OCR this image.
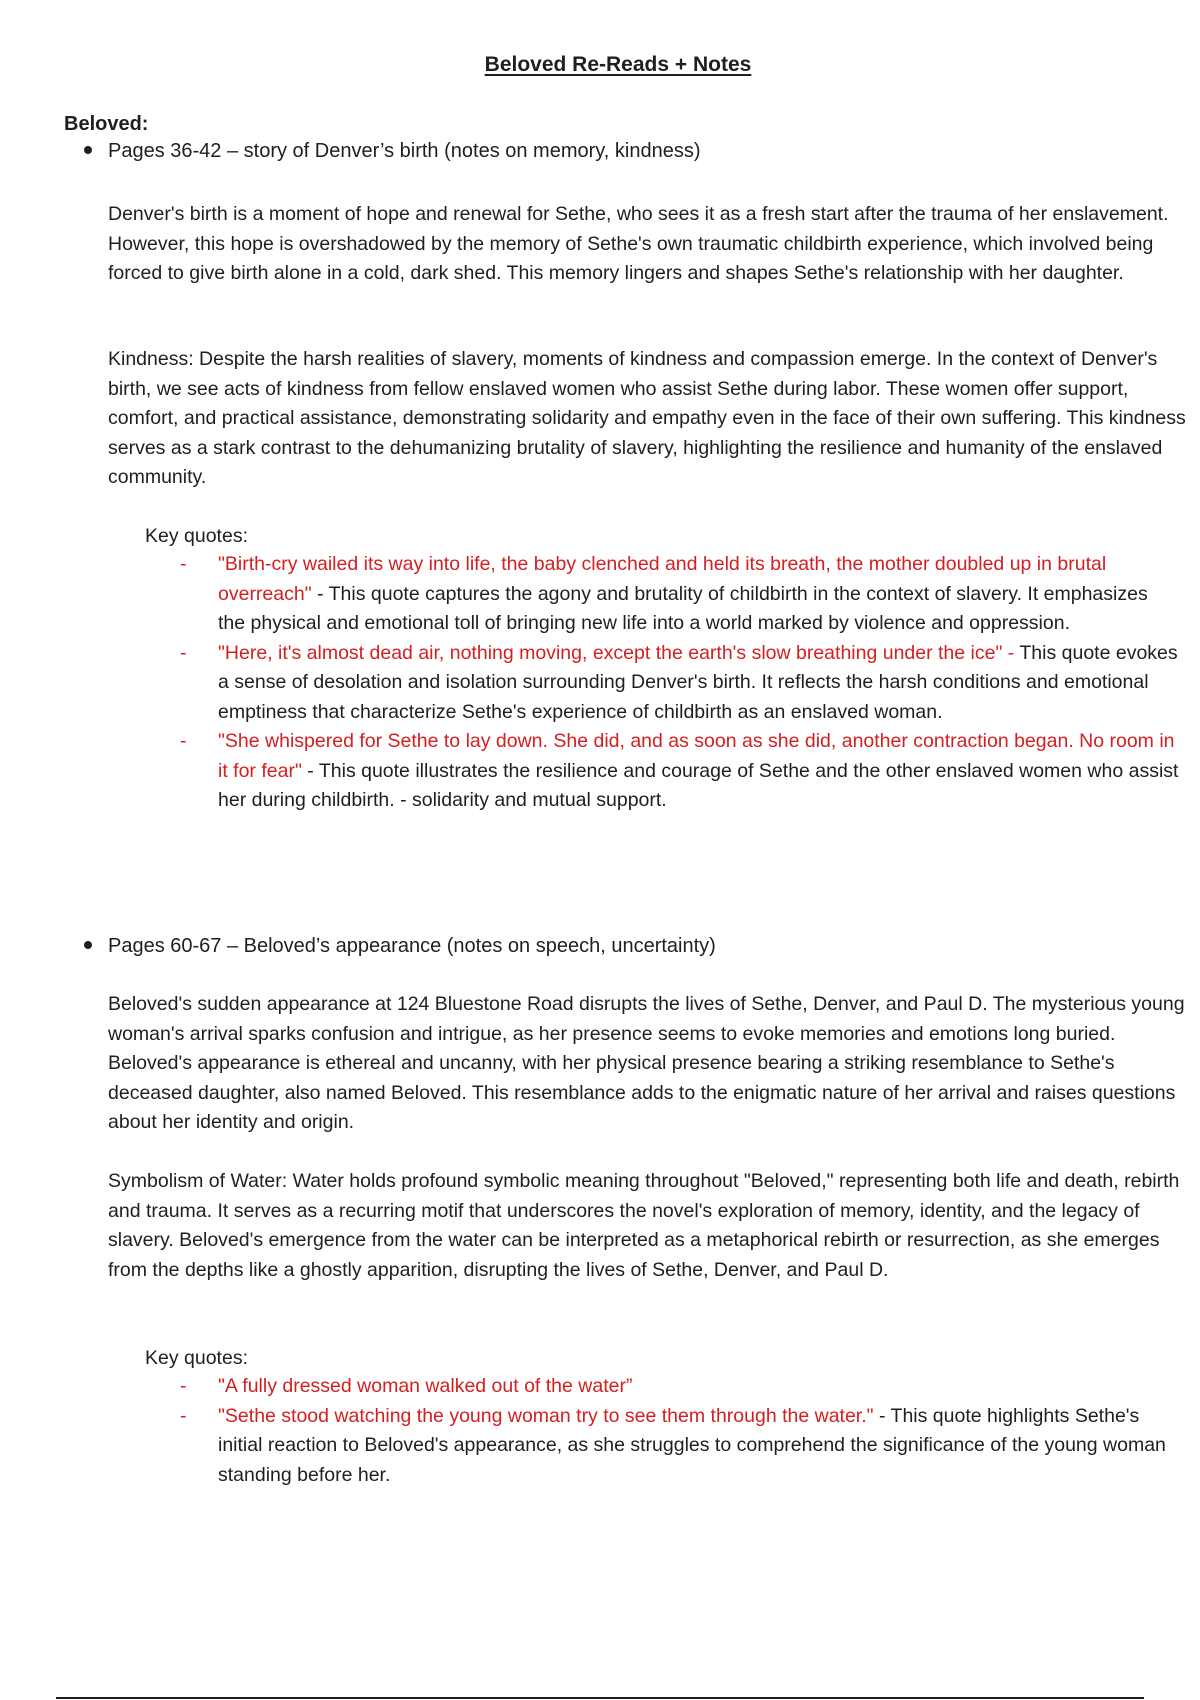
Beloved Re-Reads + Notes
Beloved:
Pages 36-42 – story of Denver’s birth (notes on memory, kindness)

Denver's birth is a moment of hope and renewal for Sethe, who sees it as a fresh start after the trauma of her enslavement. However, this hope is overshadowed by the memory of Sethe's own traumatic childbirth experience, which involved being forced to give birth alone in a cold, dark shed. This memory lingers and shapes Sethe's relationship with her daughter.

Kindness: Despite the harsh realities of slavery, moments of kindness and compassion emerge. In the context of Denver's birth, we see acts of kindness from fellow enslaved women who assist Sethe during labor. These women offer support, comfort, and practical assistance, demonstrating solidarity and empathy even in the face of their own suffering. This kindness serves as a stark contrast to the dehumanizing brutality of slavery, highlighting the resilience and humanity of the enslaved community.

Key quotes:
- "Birth-cry wailed its way into life, the baby clenched and held its breath, the mother doubled up in brutal overreach" - This quote captures the agony and brutality of childbirth in the context of slavery. It emphasizes the physical and emotional toll of bringing new life into a world marked by violence and oppression.
- "Here, it's almost dead air, nothing moving, except the earth's slow breathing under the ice" - This quote evokes a sense of desolation and isolation surrounding Denver's birth. It reflects the harsh conditions and emotional emptiness that characterize Sethe's experience of childbirth as an enslaved woman.
- "She whispered for Sethe to lay down. She did, and as soon as she did, another contraction began. No room in it for fear" - This quote illustrates the resilience and courage of Sethe and the other enslaved women who assist her during childbirth. - solidarity and mutual support.
Pages 60-67 – Beloved’s appearance (notes on speech, uncertainty)

Beloved's sudden appearance at 124 Bluestone Road disrupts the lives of Sethe, Denver, and Paul D. The mysterious young woman's arrival sparks confusion and intrigue, as her presence seems to evoke memories and emotions long buried. Beloved's appearance is ethereal and uncanny, with her physical presence bearing a striking resemblance to Sethe's deceased daughter, also named Beloved. This resemblance adds to the enigmatic nature of her arrival and raises questions about her identity and origin.

Symbolism of Water: Water holds profound symbolic meaning throughout "Beloved," representing both life and death, rebirth and trauma. It serves as a recurring motif that underscores the novel's exploration of memory, identity, and the legacy of slavery. Beloved's emergence from the water can be interpreted as a metaphorical rebirth or resurrection, as she emerges from the depths like a ghostly apparition, disrupting the lives of Sethe, Denver, and Paul D.

Key quotes:
- "A fully dressed woman walked out of the water”
- "Sethe stood watching the young woman try to see them through the water." - This quote highlights Sethe's initial reaction to Beloved's appearance, as she struggles to comprehend the significance of the young woman standing before her.
